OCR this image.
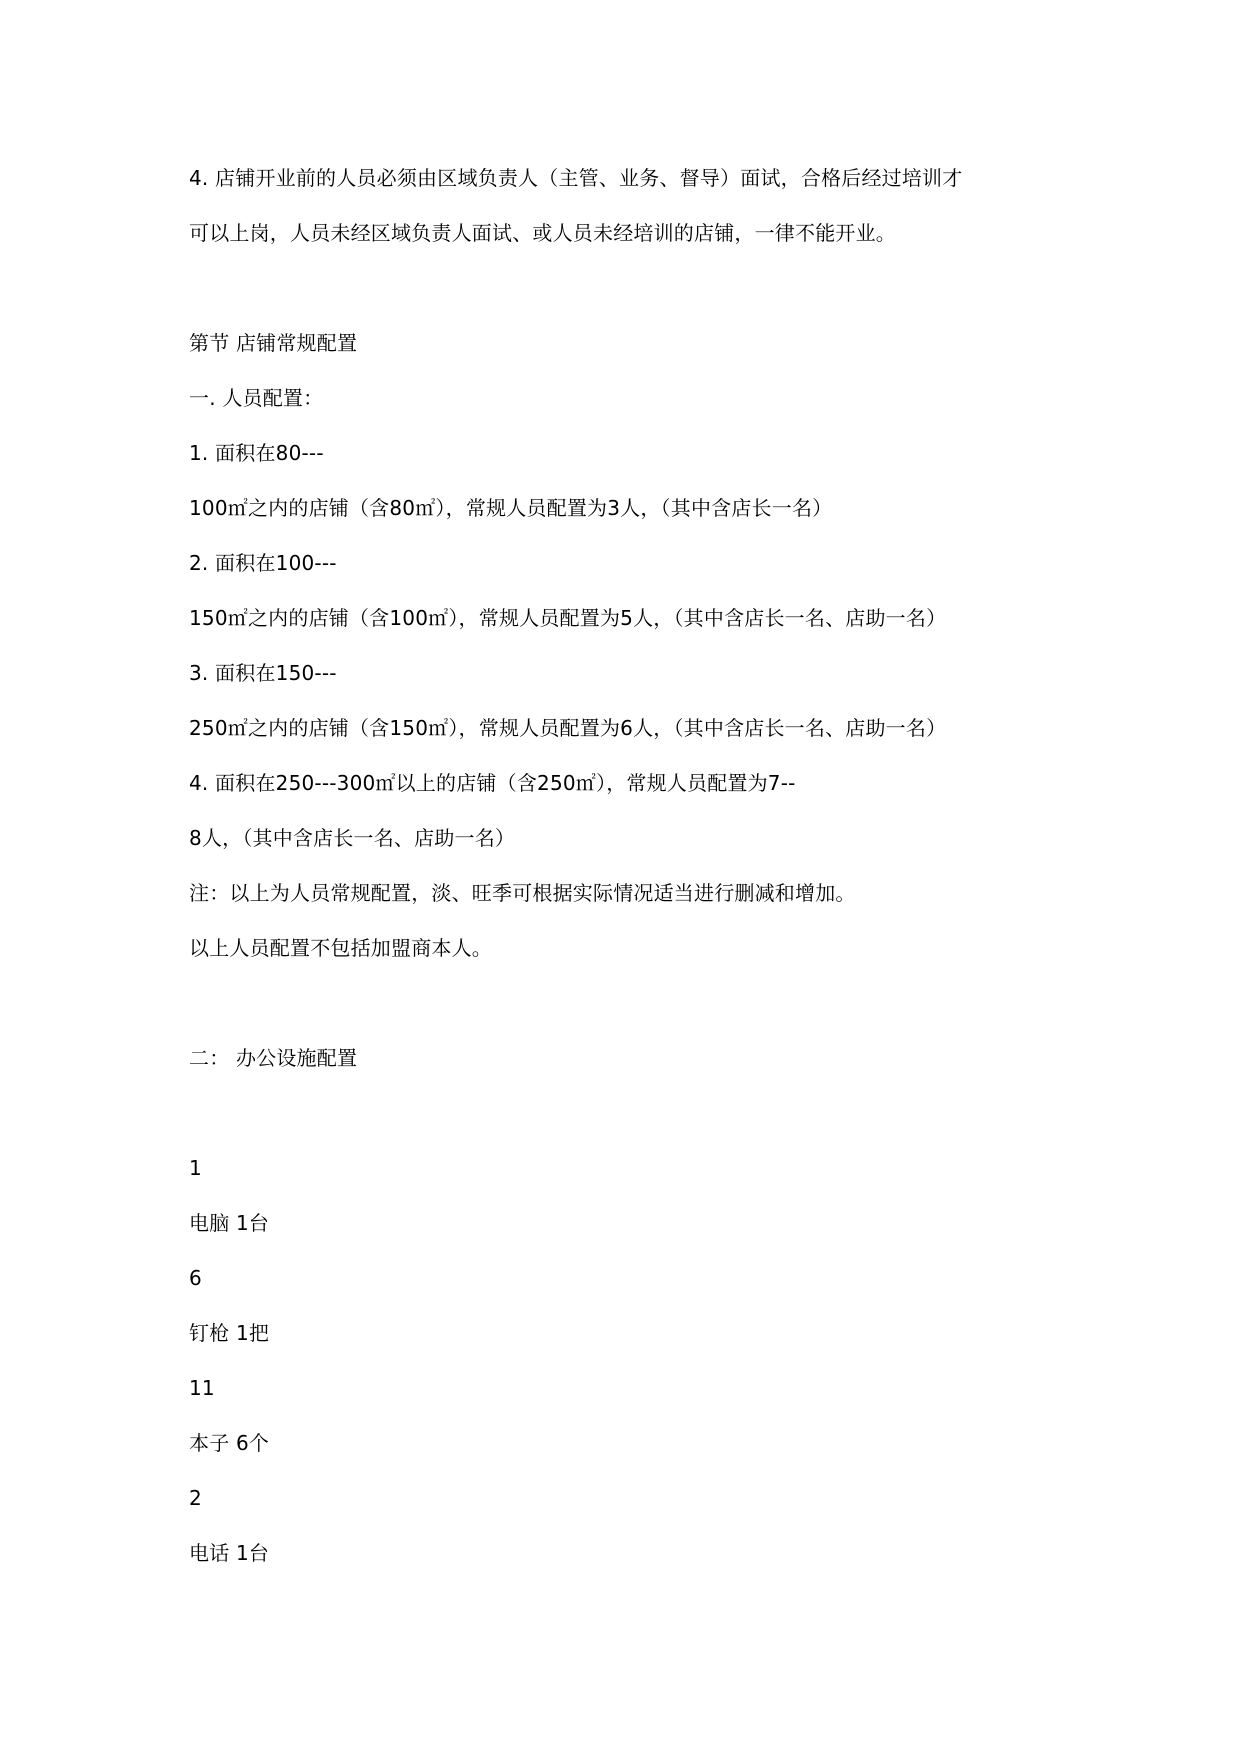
4. 店铺开业前的人员必须由区域负责人（主管、业务、督导）面试，合格后经过培训才
可以上岗，人员未经区域负责人面试、或人员未经培训的店铺，一律不能开业。
第节 店铺常规配置
一. 人员配置：
1. 面积在80---
100㎡之内的店铺（含80㎡），常规人员配置为3人，（其中含店长一名）
2. 面积在100---
150㎡之内的店铺（含100㎡），常规人员配置为5人，（其中含店长一名、店助一名）
3. 面积在150---
250㎡之内的店铺（含150㎡），常规人员配置为6人，（其中含店长一名、店助一名）
4. 面积在250---300㎡以上的店铺（含250㎡），常规人员配置为7--
8人，（其中含店长一名、店助一名）
注：以上为人员常规配置，淡、旺季可根据实际情况适当进行删减和增加。
以上人员配置不包括加盟商本人。
二： 办公设施配置
1
电脑 1台
6
钉枪 1把
11
本子 6个
2
电话 1台
